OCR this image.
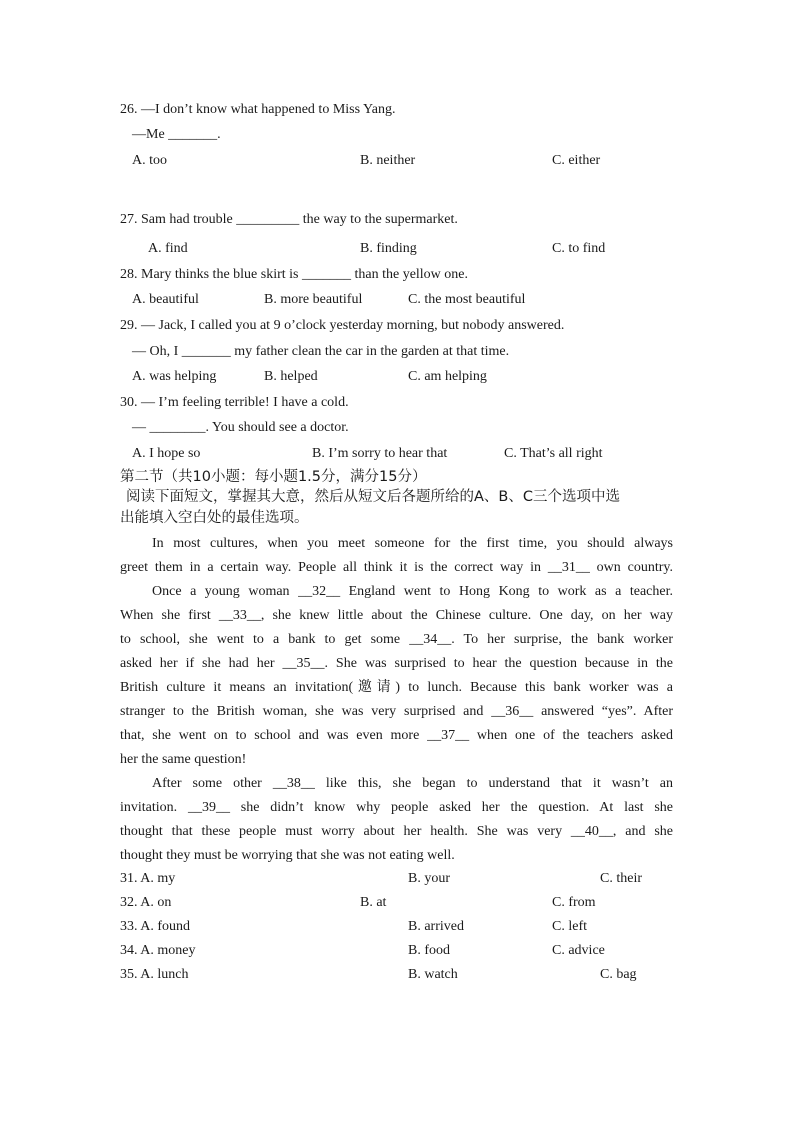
26. —I don’t know what happened to Miss Yang.
—Me _______.
A. too	B. neither	C. either
27. Sam had trouble _________ the way to the supermarket.
A. find	B. finding	C. to find
28. Mary thinks the blue skirt is _______ than the yellow one.
A. beautiful	B. more beautiful	C. the most beautiful
29. — Jack, I called you at 9 o’clock yesterday morning, but nobody answered.
— Oh, I _______ my father clean the car in the garden at that time.
A. was helping	B. helped	C. am helping
30. — I’m feeling terrible! I have a cold.
— ________. You should see a doctor.
A. I hope so	B. I’m sorry to hear that	C. That’s all right
第二节（共10小题：每小题1.5分，满分15分）
阅读下面短文，掌握其大意，然后从短文后各题所给的A、B、C三个选项中选
出能填入空白处的最佳选项。
In most cultures, when you meet someone for the first time, you should always
greet them in a certain way. People all think it is the correct way in __31__ own country.
Once a young woman __32__ England went to Hong Kong to work as a teacher.
When she first __33__, she knew little about the Chinese culture. One day, on her way
to school, she went to a bank to get some __34__. To her surprise, the bank worker
asked her if she had her __35__. She was surprised to hear the question because in the
British culture it means an invitation(邀请) to lunch. Because this bank worker was a
stranger to the British woman, she was very surprised and __36__ answered “yes”. After
that, she went on to school and was even more __37__ when one of the teachers asked
her the same question!
After some other __38__ like this, she began to understand that it wasn’t an
invitation. __39__ she didn’t know why people asked her the question. At last she
thought that these people must worry about her health. She was very __40__, and she
thought they must be worrying that she was not eating well.
31. A. my	B. your	C. their
32. A. on	B. at	C. from
33. A. found	B. arrived	C. left
34. A. money	B. food	C. advice
35. A. lunch	B. watch	C. bag
